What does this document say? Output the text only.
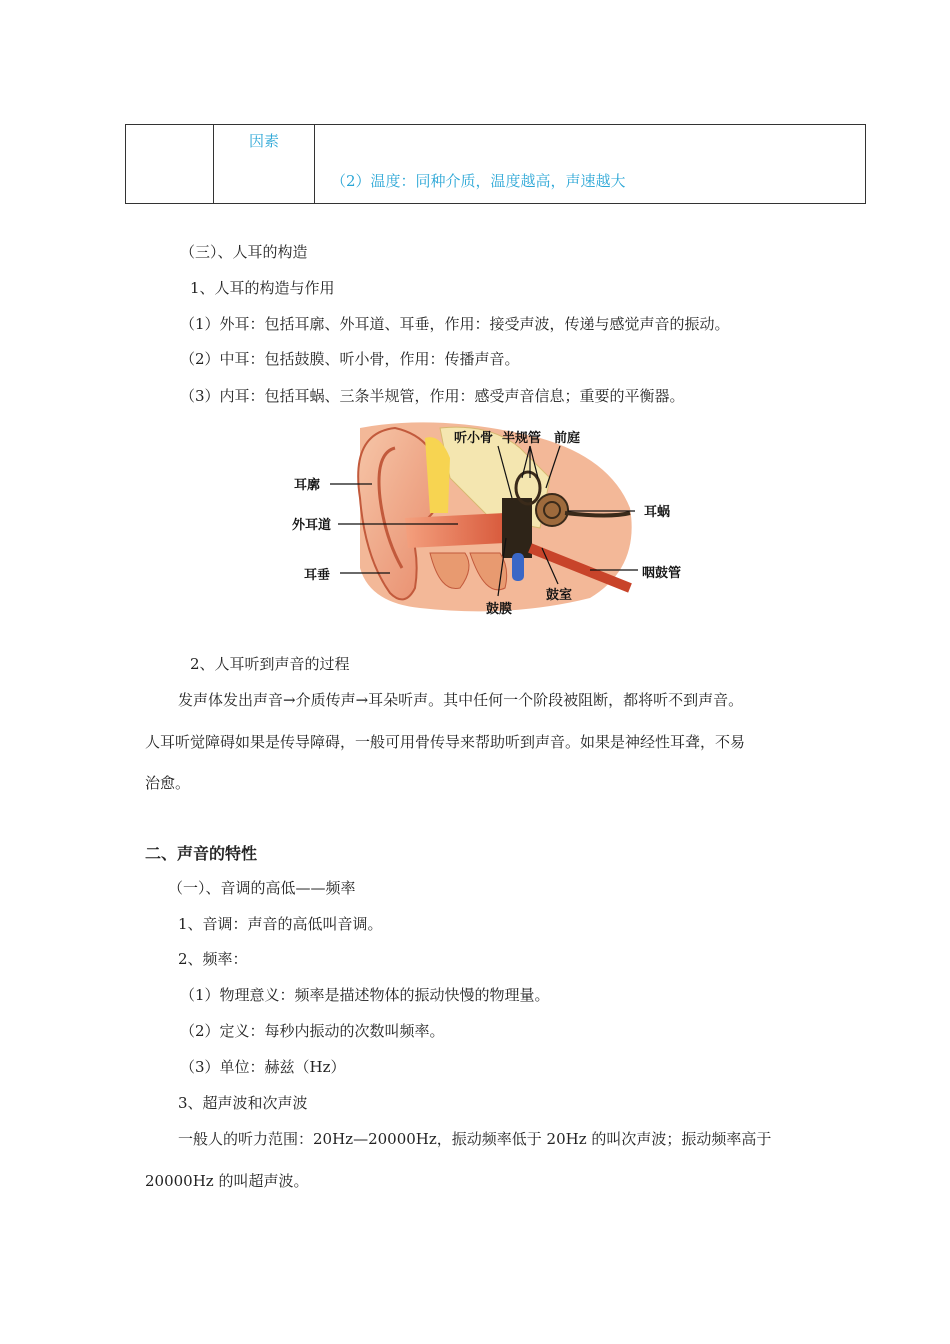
因素
（2）温度：同种介质，温度越高，声速越大
（三）、人耳的构造
1、人耳的构造与作用
（1）外耳：包括耳廓、外耳道、耳垂，作用：接受声波，传递与感觉声音的振动。
（2）中耳：包括鼓膜、听小骨，作用：传播声音。
（3）内耳：包括耳蜗、三条半规管，作用：感受声音信息；重要的平衡器。
听小骨 半规管 前庭
耳廓
耳蜗
外耳道
耳垂	咽鼓管
鼓室
鼓膜
2、人耳听到声音的过程
发声体发出声音→介质传声→耳朵听声。其中任何一个阶段被阻断，都将听不到声音。
人耳听觉障碍如果是传导障碍，一般可用骨传导来帮助听到声音。如果是神经性耳聋，不易
治愈。
二、声音的特性
（一）、音调的高低——频率
1、音调：声音的高低叫音调。
2、频率：
（1）物理意义：频率是描述物体的振动快慢的物理量。
（2）定义：每秒内振动的次数叫频率。
（3）单位：赫兹（Hz）
3、超声波和次声波
一般人的听力范围：20Hz—20000Hz，振动频率低于 20Hz 的叫次声波；振动频率高于
20000Hz 的叫超声波。
